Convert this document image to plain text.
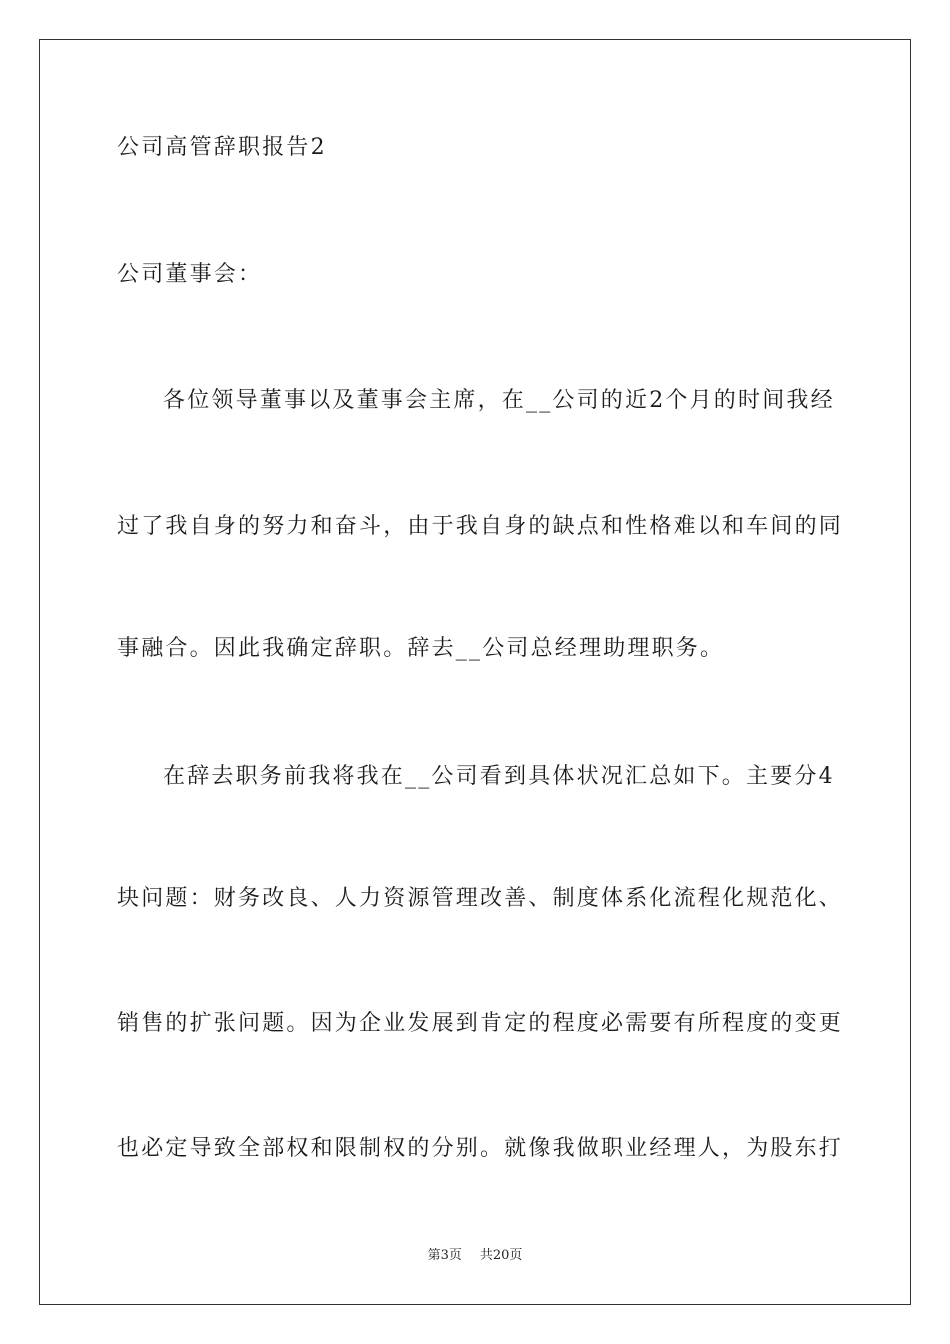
公司高管辞职报告2
公司董事会：
各位领导董事以及董事会主席，在__公司的近2个月的时间我经
过了我自身的努力和奋斗，由于我自身的缺点和性格难以和车间的同
事融合。因此我确定辞职。辞去__公司总经理助理职务。
在辞去职务前我将我在__公司看到具体状况汇总如下。主要分4
块问题：财务改良、人力资源管理改善、制度体系化流程化规范化、
销售的扩张问题。因为企业发展到肯定的程度必需要有所程度的变更
也必定导致全部权和限制权的分别。就像我做职业经理人，为股东打
第3页 共20页
